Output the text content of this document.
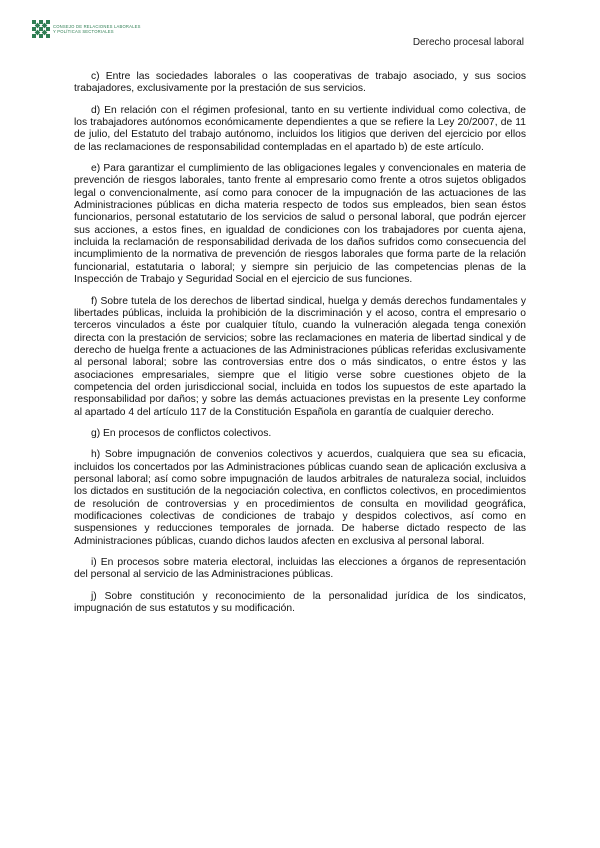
CONSEJO DE RELACIONES LABORALES
Y POLÍTICAS SECTORIALES
Derecho procesal laboral

c) Entre las sociedades laborales o las cooperativas de trabajo asociado, y sus socios trabajadores, exclusivamente por la prestación de sus servicios.

d) En relación con el régimen profesional, tanto en su vertiente individual como colectiva, de los trabajadores autónomos económicamente dependientes a que se refiere la Ley 20/2007, de 11 de julio, del Estatuto del trabajo autónomo, incluidos los litigios que deriven del ejercicio por ellos de las reclamaciones de responsabilidad contempladas en el apartado b) de este artículo.

e) Para garantizar el cumplimiento de las obligaciones legales y convencionales en materia de prevención de riesgos laborales, tanto frente al empresario como frente a otros sujetos obligados legal o convencionalmente, así como para conocer de la impugnación de las actuaciones de las Administraciones públicas en dicha materia respecto de todos sus empleados, bien sean éstos funcionarios, personal estatutario de los servicios de salud o personal laboral, que podrán ejercer sus acciones, a estos fines, en igualdad de condiciones con los trabajadores por cuenta ajena, incluida la reclamación de responsabilidad derivada de los daños sufridos como consecuencia del incumplimiento de la normativa de prevención de riesgos laborales que forma parte de la relación funcionarial, estatutaria o laboral; y siempre sin perjuicio de las competencias plenas de la Inspección de Trabajo y Seguridad Social en el ejercicio de sus funciones.

f) Sobre tutela de los derechos de libertad sindical, huelga y demás derechos fundamentales y libertades públicas, incluida la prohibición de la discriminación y el acoso, contra el empresario o terceros vinculados a éste por cualquier título, cuando la vulneración alegada tenga conexión directa con la prestación de servicios; sobre las reclamaciones en materia de libertad sindical y de derecho de huelga frente a actuaciones de las Administraciones públicas referidas exclusivamente al personal laboral; sobre las controversias entre dos o más sindicatos, o entre éstos y las asociaciones empresariales, siempre que el litigio verse sobre cuestiones objeto de la competencia del orden jurisdiccional social, incluida en todos los supuestos de este apartado la responsabilidad por daños; y sobre las demás actuaciones previstas en la presente Ley conforme al apartado 4 del artículo 117 de la Constitución Española en garantía de cualquier derecho.

g) En procesos de conflictos colectivos.

h) Sobre impugnación de convenios colectivos y acuerdos, cualquiera que sea su eficacia, incluidos los concertados por las Administraciones públicas cuando sean de aplicación exclusiva a personal laboral; así como sobre impugnación de laudos arbitrales de naturaleza social, incluidos los dictados en sustitución de la negociación colectiva, en conflictos colectivos, en procedimientos de resolución de controversias y en procedimientos de consulta en movilidad geográfica, modificaciones colectivas de condiciones de trabajo y despidos colectivos, así como en suspensiones y reducciones temporales de jornada. De haberse dictado respecto de las Administraciones públicas, cuando dichos laudos afecten en exclusiva al personal laboral.

i) En procesos sobre materia electoral, incluidas las elecciones a órganos de representación del personal al servicio de las Administraciones públicas.

j) Sobre constitución y reconocimiento de la personalidad jurídica de los sindicatos, impugnación de sus estatutos y su modificación.
